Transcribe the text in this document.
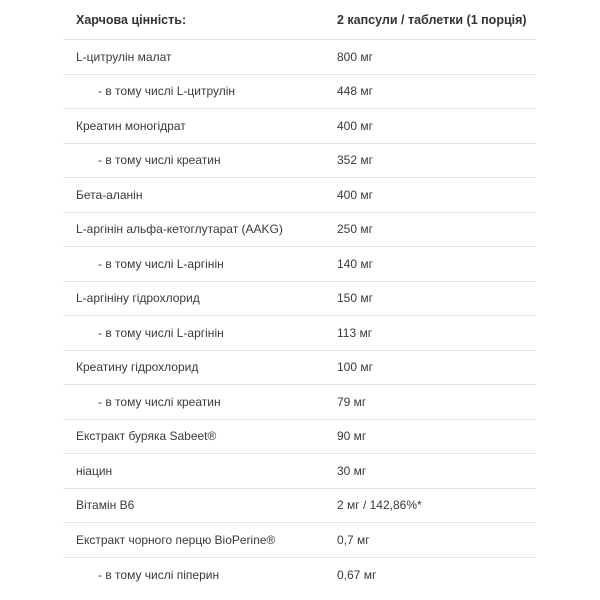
Харчова цінність:	2 капсули / таблетки (1 порція)
L-цитрулін малат	800 мг
- в тому числі L-цитрулін	448 мг
Креатин моногідрат	400 мг
- в тому числі креатин	352 мг
Бета-аланін	400 мг
L-аргінін альфа-кетоглутарат (AAKG)	250 мг
- в тому числі L-аргінін	140 мг
L-аргініну гідрохлорид	150 мг
- в тому числі L-аргінін	113 мг
Креатину гідрохлорид	100 мг
- в тому числі креатин	79 мг
Екстракт буряка Sabeet®	90 мг
ніацин	30 мг
Вітамін B6	2 мг / 142,86%*
Екстракт чорного перцю BioPerine®	0,7 мг
- в тому числі піперин	0,67 мг
